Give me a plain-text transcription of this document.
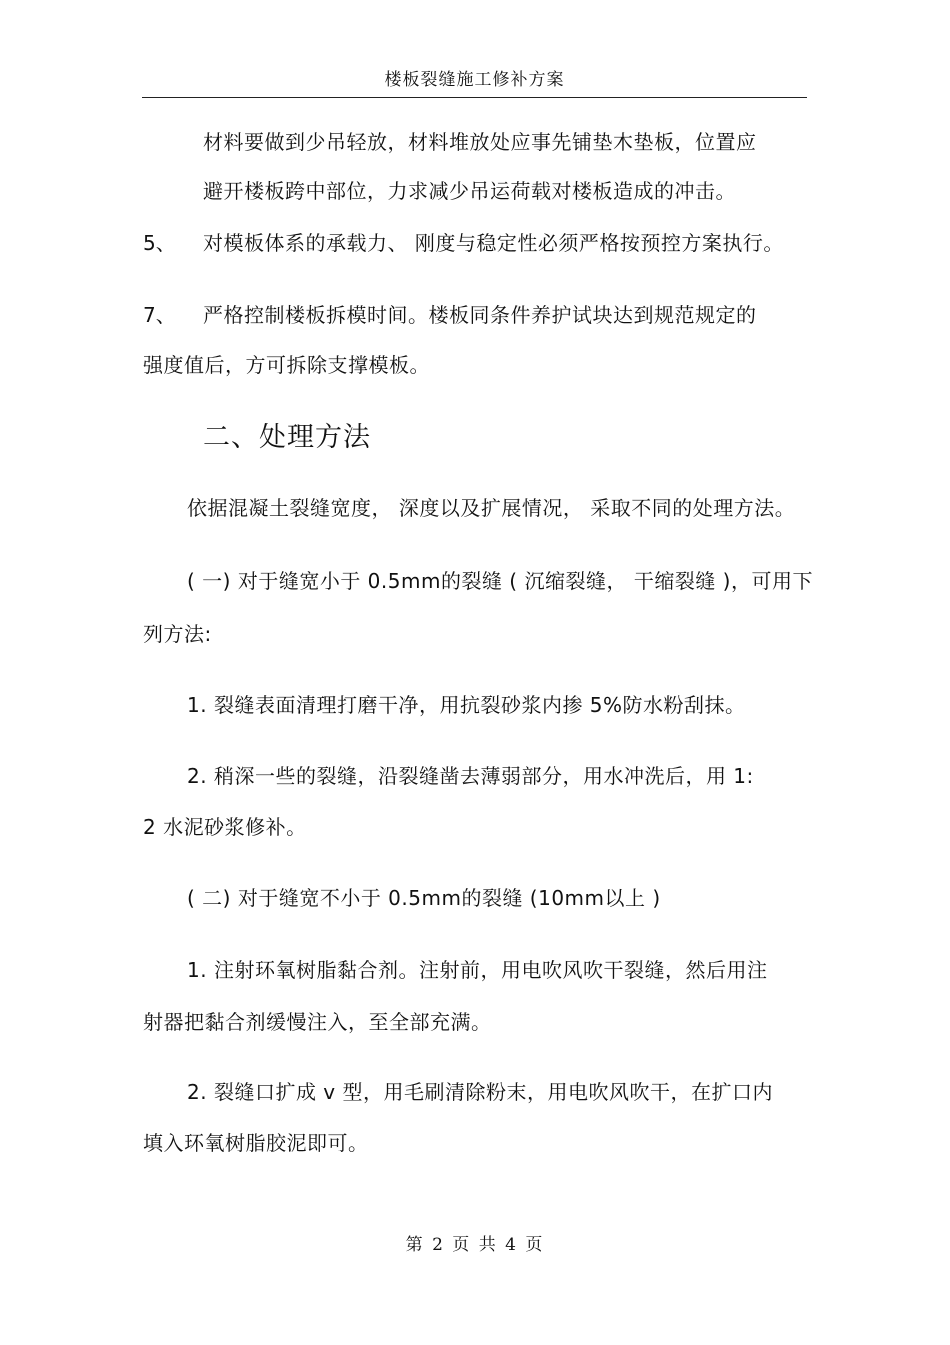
楼板裂缝施工修补方案
材料要做到少吊轻放，材料堆放处应事先铺垫木垫板，位置应
避开楼板跨中部位，力求减少吊运荷载对楼板造成的冲击。
5、 对模板体系的承载力、 刚度与稳定性必须严格按预控方案执行。
7、 严格控制楼板拆模时间。楼板同条件养护试块达到规范规定的
强度值后，方可拆除支撑模板。
二、处理方法
依据混凝土裂缝宽度， 深度以及扩展情况， 采取不同的处理方法。
( 一) 对于缝宽小于 0.5mm的裂缝 ( 沉缩裂缝， 干缩裂缝 )，可用下
列方法:
1. 裂缝表面清理打磨干净，用抗裂砂浆内掺 5%防水粉刮抹。
2. 稍深一些的裂缝，沿裂缝凿去薄弱部分，用水冲洗后，用 1:
2 水泥砂浆修补。
( 二) 对于缝宽不小于 0.5mm的裂缝 (10mm以上 )
1. 注射环氧树脂黏合剂。注射前，用电吹风吹干裂缝，然后用注
射器把黏合剂缓慢注入，至全部充满。
2. 裂缝口扩成 v 型，用毛刷清除粉末，用电吹风吹干，在扩口内
填入环氧树脂胶泥即可。
第 2 页 共 4 页
